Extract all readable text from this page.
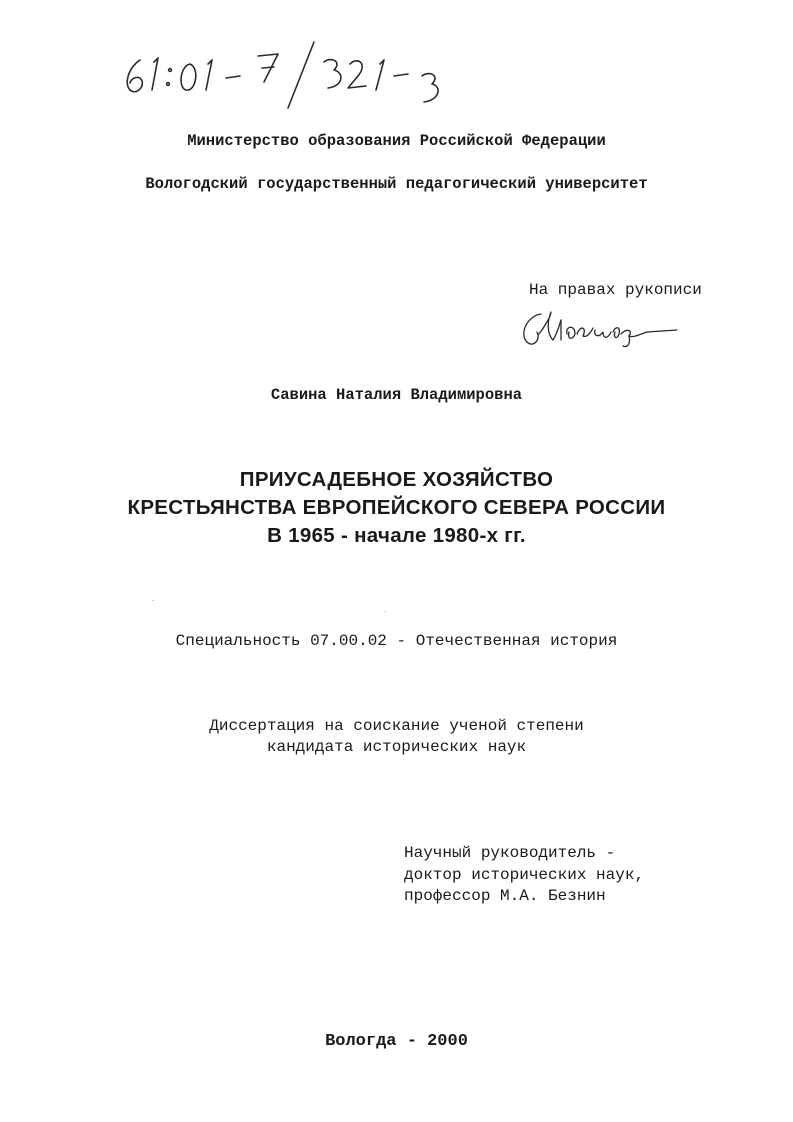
Министерство образования Российской Федерации
Вологодский государственный педагогический университет
На правах рукописи
Савина Наталия Владимировна
ПРИУСАДЕБНОЕ ХОЗЯЙСТВО
КРЕСТЬЯНСТВА ЕВРОПЕЙСКОГО СЕВЕРА РОССИИ
В 1965 - начале 1980-х гг.
Специальность 07.00.02 - Отечественная история
Диссертация на соискание ученой степени
кандидата исторических наук
Научный руководитель -
доктор исторических наук,
профессор М.А. Безнин
Вологда - 2000
